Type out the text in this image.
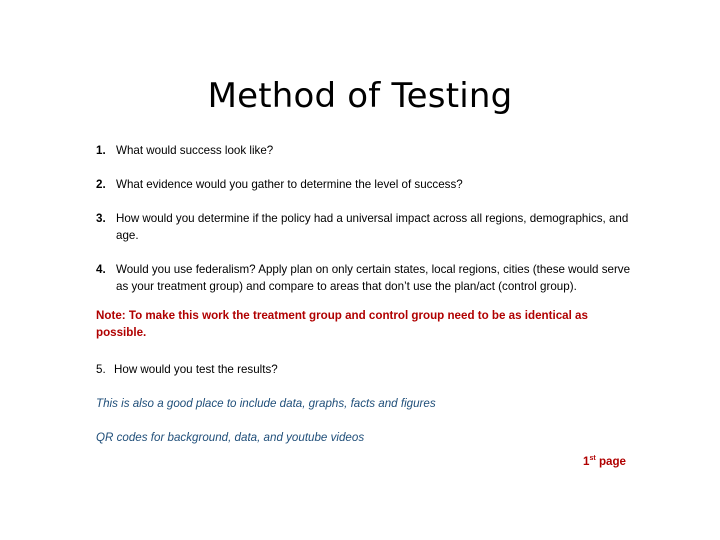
Method of Testing
1. What would success look like?
2. What evidence would you gather to determine the level of success?
3. How would you determine if the policy had a universal impact across all regions, demographics, and age.
4. Would you use federalism? Apply plan on only certain states, local regions, cities (these would serve as your treatment group) and compare to areas that don’t use the plan/act (control group).
Note: To make this work the treatment group and control group need to be as identical as possible.
5. How would you test the results?
This is also a good place to include data, graphs, facts and figures
QR codes for background, data, and youtube videos
1st page
